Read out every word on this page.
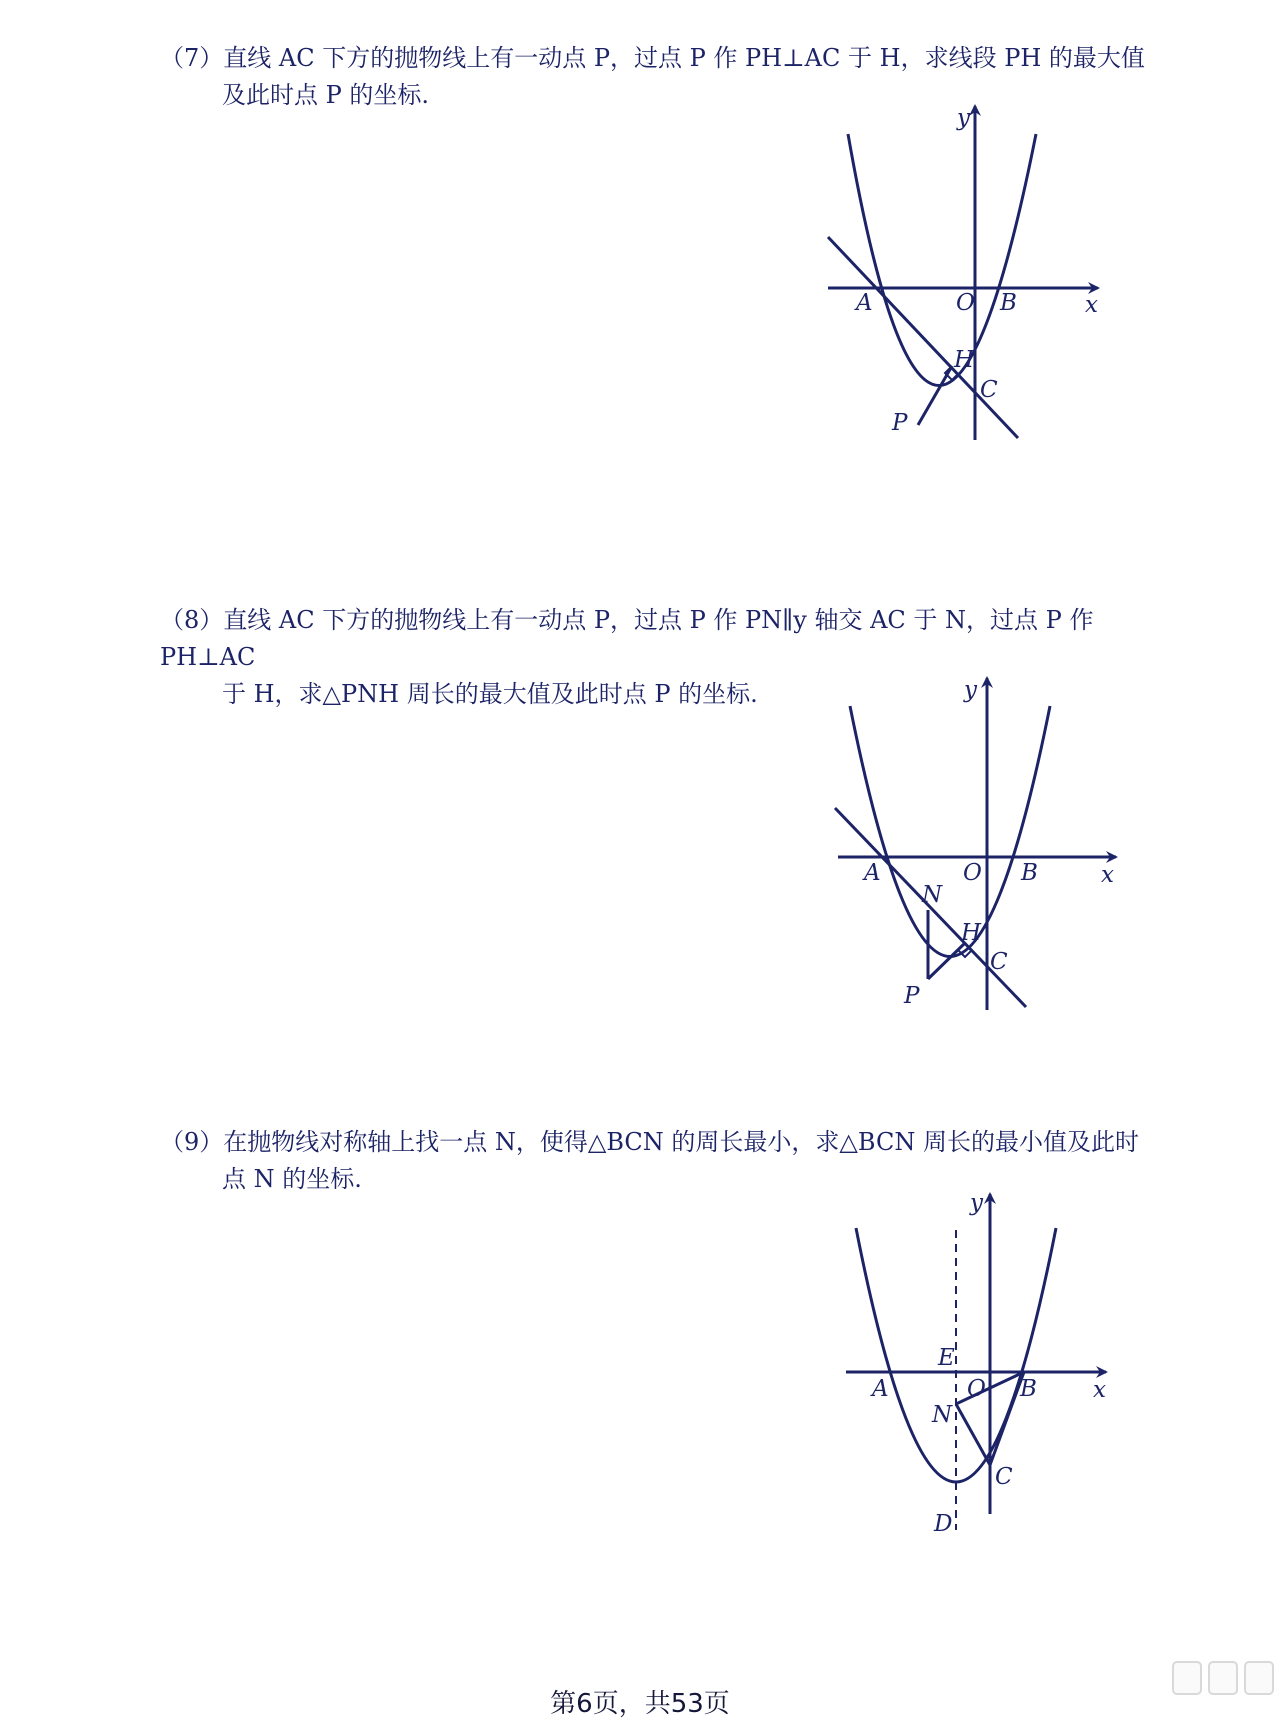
（7）直线 AC 下方的抛物线上有一动点 P，过点 P 作 PH⊥AC 于 H，求线段 PH 的最大值

及此时点 P 的坐标.

y
x
A	O B
H
C
P

（8）直线 AC 下方的抛物线上有一动点 P，过点 P 作 PN∥y 轴交 AC 于 N，过点 P 作 PH⊥AC

于 H，求△PNH 周长的最大值及此时点 P 的坐标.	y
x
A	O B
N
H
C
P

（9）在抛物线对称轴上找一点 N，使得△BCN 的周长最小，求△BCN 周长的最小值及此时

点 N 的坐标.

y
x
A
E
O B
N
C
D
第6页，共53页
